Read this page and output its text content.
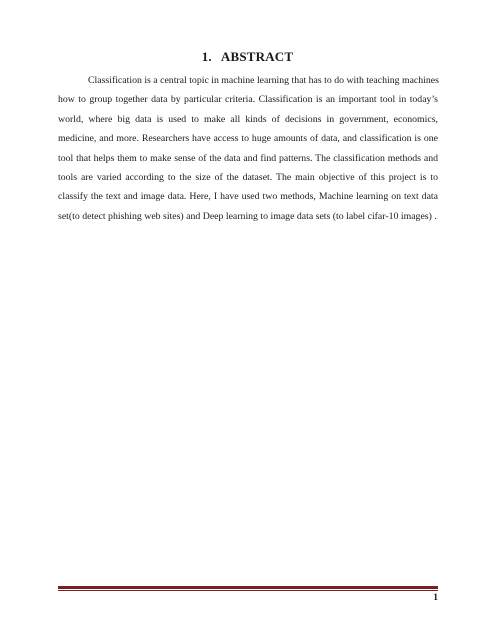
1. ABSTRACT

Classification is a central topic in machine learning that has to do with teaching machines
how to group together data by particular criteria. Classification is an important tool in today’s
world, where big data is used to make all kinds of decisions in government, economics,
medicine, and more. Researchers have access to huge amounts of data, and classification is one
tool that helps them to make sense of the data and find patterns. The classification methods and
tools are varied according to the size of the dataset. The main objective of this project is to
classify the text and image data. Here, I have used two methods, Machine learning on text data
set(to detect phishing web sites) and Deep learning to image data sets (to label cifar-10 images) .

1
